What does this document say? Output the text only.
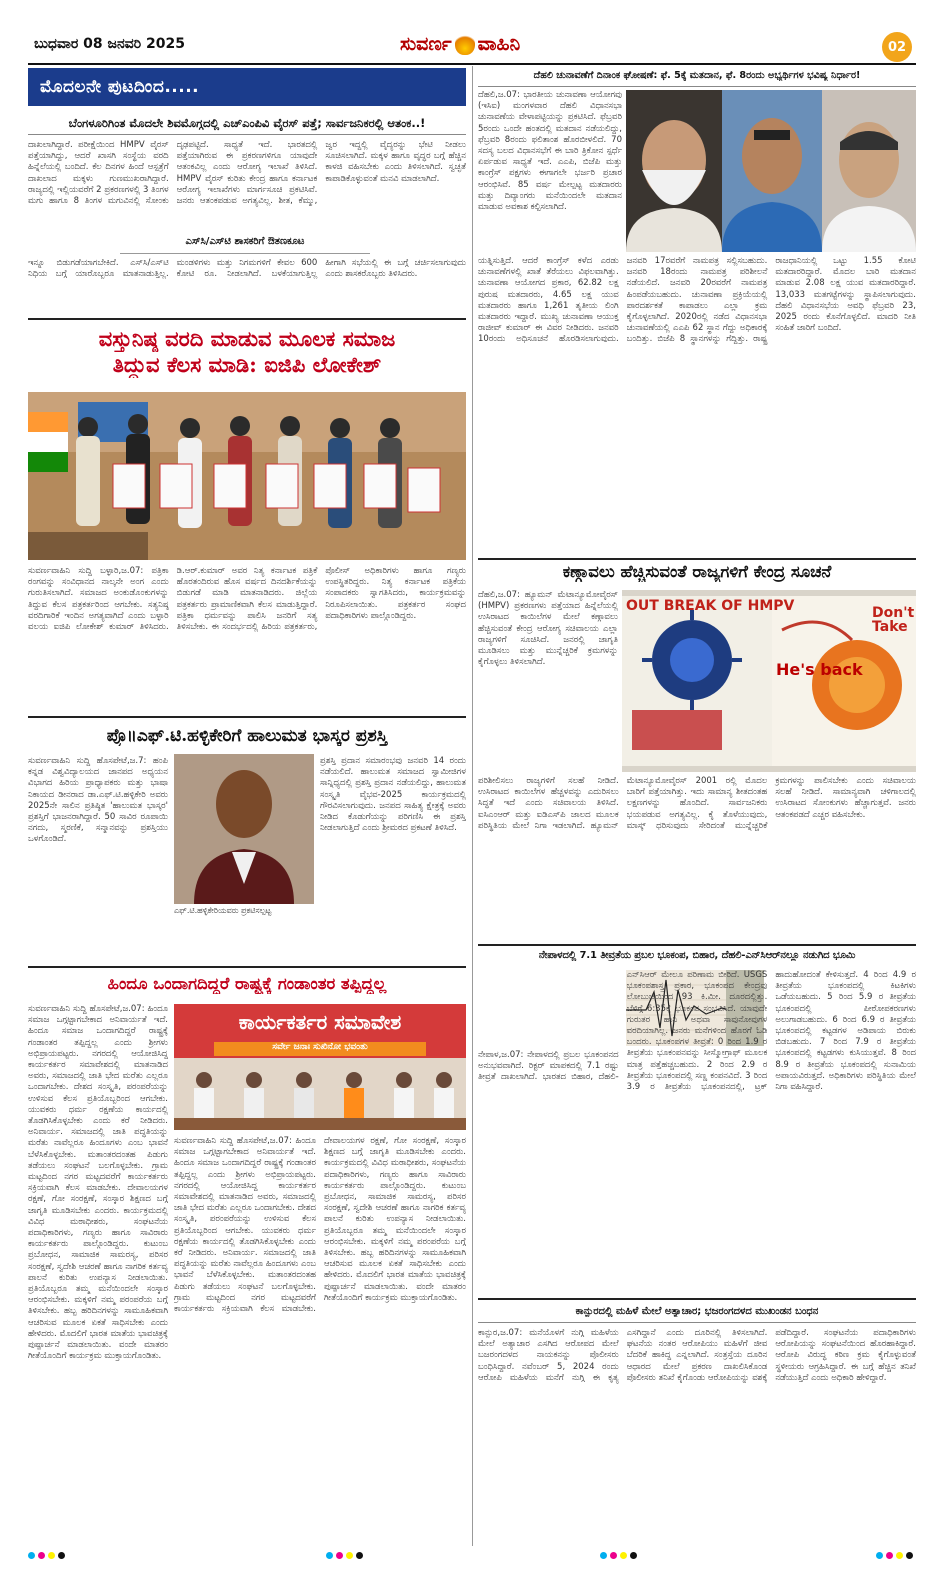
ಬುಧವಾರ 08 ಜನವರಿ 2025	ಸುವರ್ಣ ವಾಹಿನಿ	02
ಮೊದಲನೇ ಪುಟದಿಂದ.....
ಬೆಂಗಳೂರಿಗಿಂತ ಮೊದಲೇ ಶಿವಮೊಗ್ಗದಲ್ಲಿ ಎಚ್‌ಎಂಪಿವಿ ವೈರಸ್ ಪತ್ತೆ; ಸಾರ್ವಜನಿಕರಲ್ಲಿ ಆತಂಕ..!

ದಾಖಲಾಗಿದ್ದಾರೆ. ಪರೀಕ್ಷೆಯಿಂದ HMPV ವೈರಸ್ ಪತ್ತೆಯಾಗಿದ್ದು, ಆದರೆ ಖಾಸಗಿ ಸಂಸ್ಥೆಯ ವರದಿ ಹಿನ್ನೆಲೆಯಲ್ಲಿ ಬಂದಿದೆ. ಕೆಲ ದಿನಗಳ ಹಿಂದೆ ಆಸ್ಪತ್ರೆಗೆ ದಾಖಲಾದ ಮಕ್ಕಳು ಗುಣಮುಖರಾಗಿದ್ದಾರೆ. ರಾಜ್ಯದಲ್ಲಿ ಇಲ್ಲಿಯವರೆಗೆ 2 ಪ್ರಕರಣಗಳಲ್ಲಿ 3 ತಿಂಗಳ ಮಗು ಹಾಗೂ 8 ತಿಂಗಳ ಮಗುವಿನಲ್ಲಿ ಸೋಂಕು ದೃಢಪಟ್ಟಿದೆ. ಸಾಧ್ಯತೆ ಇದೆ. ಭಾರತದಲ್ಲಿ ಪತ್ತೆಯಾಗಿರುವ ಈ ಪ್ರಕರಣಗಳಿಗೂ ಯಾವುದೇ ಆತಂಕವಿಲ್ಲ ಎಂದು ಆರೋಗ್ಯ ಇಲಾಖೆ ತಿಳಿಸಿದೆ. HMPV ವೈರಸ್ ಕುರಿತು ಕೇಂದ್ರ ಹಾಗೂ ಕರ್ನಾಟಕ ಆರೋಗ್ಯ ಇಲಾಖೆಗಳು ಮಾರ್ಗಸೂಚಿ ಪ್ರಕಟಿಸಿವೆ. ಜನರು ಆತಂಕಪಡುವ ಅಗತ್ಯವಿಲ್ಲ. ಶೀತ, ಕೆಮ್ಮು, ಜ್ವರ ಇದ್ದಲ್ಲಿ ವೈದ್ಯರನ್ನು ಭೇಟಿ ನೀಡಲು ಸೂಚಿಸಲಾಗಿದೆ. ಮಕ್ಕಳ ಹಾಗೂ ವೃದ್ಧರ ಬಗ್ಗೆ ಹೆಚ್ಚಿನ ಕಾಳಜಿ ವಹಿಸಬೇಕು ಎಂದು ತಿಳಿಸಲಾಗಿದೆ. ಸ್ವಚ್ಛತೆ ಕಾಪಾಡಿಕೊಳ್ಳುವಂತೆ ಮನವಿ ಮಾಡಲಾಗಿದೆ.

ಎಸ್‌ಸಿ/ಎಸ್‌ಟಿ ಶಾಸಕರಿಗೆ ಔತಣಕೂಟ

ಇನ್ನೂ ಬಿಡುಗಡೆಯಾಗಬೇಕಿದೆ. ಎಸ್‌ಸಿ/ಎಸ್‌ಟಿ ನಿಧಿಯ ಬಗ್ಗೆ ಯಾರೊಬ್ಬರೂ ಮಾತನಾಡುತ್ತಿಲ್ಲ. ಮಂಡಳಿಗಳು ಮತ್ತು ನಿಗಮಗಳಿಗೆ ಕೇವಲ 600 ಕೋಟಿ ರೂ. ನೀಡಲಾಗಿದೆ. ಬಳಕೆಯಾಗುತ್ತಿಲ್ಲ ಹೀಗಾಗಿ ಸಭೆಯಲ್ಲಿ ಈ ಬಗ್ಗೆ ಚರ್ಚಿಸಲಾಗುವುದು ಎಂದು ಶಾಸಕರೊಬ್ಬರು ತಿಳಿಸಿದರು.

ವಸ್ತುನಿಷ್ಠ ವರದಿ ಮಾಡುವ ಮೂಲಕ ಸಮಾಜ
ತಿದ್ದುವ ಕೆಲಸ ಮಾಡಿ: ಐಜಿಪಿ ಲೋಕೇಶ್

ಸುವರ್ಣವಾಹಿನಿ ಸುದ್ದಿ ಬಳ್ಳಾರಿ,ಜ.07: ಪತ್ರಿಕಾ ರಂಗವನ್ನು ಸಂವಿಧಾನದ ನಾಲ್ಕನೇ ಅಂಗ ಎಂದು ಗುರುತಿಸಲಾಗಿದೆ. ಸಮಾಜದ ಅಂಕುಡೊಂಕುಗಳನ್ನು ತಿದ್ದುವ ಕೆಲಸ ಪತ್ರಕರ್ತರಿಂದ ಆಗಬೇಕು. ಸತ್ಯನಿಷ್ಠ ವರದಿಗಾರಿಕೆ ಇಂದಿನ ಅಗತ್ಯವಾಗಿದೆ ಎಂದು ಬಳ್ಳಾರಿ ವಲಯ ಐಜಿಪಿ ಲೋಕೇಶ್ ಕುಮಾರ್ ತಿಳಿಸಿದರು. ಡಿ.ಆರ್.ಕುಮಾರ್ ಅವರ ನಿತ್ಯ ಕರ್ನಾಟಕ ಪತ್ರಿಕೆ ಹೊರತಂದಿರುವ ಹೊಸ ವರ್ಷದ ದಿನದರ್ಶಿಕೆಯನ್ನು ಬಿಡುಗಡೆ ಮಾಡಿ ಮಾತನಾಡಿದರು. ಜಿಲ್ಲೆಯ ಪತ್ರಕರ್ತರು ಪ್ರಾಮಾಣಿಕವಾಗಿ ಕೆಲಸ ಮಾಡುತ್ತಿದ್ದಾರೆ. ಪತ್ರಿಕಾ ಧರ್ಮವನ್ನು ಪಾಲಿಸಿ ಜನರಿಗೆ ಸತ್ಯ ತಿಳಿಸಬೇಕು. ಈ ಸಂದರ್ಭದಲ್ಲಿ ಹಿರಿಯ ಪತ್ರಕರ್ತರು, ಪೊಲೀಸ್ ಅಧಿಕಾರಿಗಳು ಹಾಗೂ ಗಣ್ಯರು ಉಪಸ್ಥಿತರಿದ್ದರು. ನಿತ್ಯ ಕರ್ನಾಟಕ ಪತ್ರಿಕೆಯ ಸಂಪಾದಕರು ಸ್ವಾಗತಿಸಿದರು, ಕಾರ್ಯಕ್ರಮವನ್ನು ನಿರೂಪಿಸಲಾಯಿತು. ಪತ್ರಕರ್ತರ ಸಂಘದ ಪದಾಧಿಕಾರಿಗಳು ಪಾಲ್ಗೊಂಡಿದ್ದರು.

ಪ್ರೊ॥ಎಫ್.ಟಿ.ಹಳ್ಳಿಕೇರಿಗೆ ಹಾಲುಮತ ಭಾಸ್ಕರ ಪ್ರಶಸ್ತಿ

ಸುವರ್ಣವಾಹಿನಿ ಸುದ್ದಿ ಹೊಸಪೇಟೆ,ಜ.7: ಹಂಪಿ ಕನ್ನಡ ವಿಶ್ವವಿದ್ಯಾಲಯದ ಜಾನಪದ ಅಧ್ಯಯನ ವಿಭಾಗದ ಹಿರಿಯ ಪ್ರಾಧ್ಯಾಪಕರು ಮತ್ತು ಭಾಷಾ ನಿಕಾಯದ ಡೀನರಾದ ಡಾ.ಎಫ್.ಟಿ.ಹಳ್ಳಿಕೇರಿ ಅವರು 2025ನೇ ಸಾಲಿನ ಪ್ರತಿಷ್ಠಿತ 'ಹಾಲುಮತ ಭಾಸ್ಕರ' ಪ್ರಶಸ್ತಿಗೆ ಭಾಜನರಾಗಿದ್ದಾರೆ. 50 ಸಾವಿರ ರೂಪಾಯಿ ನಗದು, ಸ್ಮರಣಿಕೆ, ಸನ್ಮಾನವನ್ನು ಪ್ರಶಸ್ತಿಯು ಒಳಗೊಂಡಿದೆ.

ಎಫ್.ಟಿ.ಹಳ್ಳಿಕೇರಿಯವರು ಪ್ರಕಟಿಸಲ್ಪಟ್ಟ

ಪ್ರಶಸ್ತಿ ಪ್ರದಾನ ಸಮಾರಂಭವು ಜನವರಿ 14 ರಂದು ನಡೆಯಲಿದೆ. ಹಾಲುಮತ ಸಮಾಜದ ಸ್ವಾಮೀಜಿಗಳ ಸಾನ್ನಿಧ್ಯದಲ್ಲಿ ಪ್ರಶಸ್ತಿ ಪ್ರದಾನ ನಡೆಯಲಿದ್ದು, ಹಾಲುಮತ ಸಂಸ್ಕೃತಿ ವೈಭವ-2025 ಕಾರ್ಯಕ್ರಮದಲ್ಲಿ ಗೌರವಿಸಲಾಗುವುದು. ಜನಪದ ಸಾಹಿತ್ಯ ಕ್ಷೇತ್ರಕ್ಕೆ ಅವರು ನೀಡಿದ ಕೊಡುಗೆಯನ್ನು ಪರಿಗಣಿಸಿ ಈ ಪ್ರಶಸ್ತಿ ನೀಡಲಾಗುತ್ತಿದೆ ಎಂದು ಶ್ರೀಮಠದ ಪ್ರಕಟಣೆ ತಿಳಿಸಿದೆ.

ಹಿಂದೂ ಒಂದಾಗದಿದ್ದರೆ ರಾಷ್ಟ್ರಕ್ಕೆ ಗಂಡಾಂತರ ತಪ್ಪಿದ್ದಲ್ಲ

ಸುವರ್ಣವಾಹಿನಿ ಸುದ್ದಿ ಹೊಸಪೇಟೆ,ಜ.07: ಹಿಂದೂ ಸಮಾಜ ಒಗ್ಗಟ್ಟಾಗಬೇಕಾದ ಅನಿವಾರ್ಯತೆ ಇದೆ. ಹಿಂದೂ ಸಮಾಜ ಒಂದಾಗದಿದ್ದರೆ ರಾಷ್ಟ್ರಕ್ಕೆ ಗಂಡಾಂತರ ತಪ್ಪಿದ್ದಲ್ಲ ಎಂದು ಶ್ರೀಗಳು ಅಭಿಪ್ರಾಯಪಟ್ಟರು. ನಗರದಲ್ಲಿ ಆಯೋಜಿಸಿದ್ದ ಕಾರ್ಯಕರ್ತರ ಸಮಾವೇಶದಲ್ಲಿ ಮಾತನಾಡಿದ ಅವರು, ಸಮಾಜದಲ್ಲಿ ಜಾತಿ ಭೇದ ಮರೆತು ಎಲ್ಲರೂ ಒಂದಾಗಬೇಕು. ದೇಶದ ಸಂಸ್ಕೃತಿ, ಪರಂಪರೆಯನ್ನು ಉಳಿಸುವ ಕೆಲಸ ಪ್ರತಿಯೊಬ್ಬರಿಂದ ಆಗಬೇಕು. ಯುವಕರು ಧರ್ಮ ರಕ್ಷಣೆಯ ಕಾರ್ಯದಲ್ಲಿ ತೊಡಗಿಸಿಕೊಳ್ಳಬೇಕು ಎಂದು ಕರೆ ನೀಡಿದರು. ಅನಿವಾರ್ಯ. ಸಮಾಜದಲ್ಲಿ ಜಾತಿ ಪದ್ಧತಿಯನ್ನು ಮರೆತು ನಾವೆಲ್ಲರೂ ಹಿಂದೂಗಳು ಎಂಬ ಭಾವನೆ ಬೆಳೆಸಿಕೊಳ್ಳಬೇಕು. ಮತಾಂತರದಂತಹ ಪಿಡುಗು ತಡೆಯಲು ಸಂಘಟನೆ ಬಲಗೊಳ್ಳಬೇಕು. ಗ್ರಾಮ ಮಟ್ಟದಿಂದ ನಗರ ಮಟ್ಟದವರೆಗೆ ಕಾರ್ಯಕರ್ತರು ಸಕ್ರಿಯವಾಗಿ ಕೆಲಸ ಮಾಡಬೇಕು. ದೇವಾಲಯಗಳ ರಕ್ಷಣೆ, ಗೋ ಸಂರಕ್ಷಣೆ, ಸಂಸ್ಕಾರ ಶಿಕ್ಷಣದ ಬಗ್ಗೆ ಜಾಗೃತಿ ಮೂಡಿಸಬೇಕು ಎಂದರು. ಕಾರ್ಯಕ್ರಮದಲ್ಲಿ ವಿವಿಧ ಮಠಾಧೀಶರು, ಸಂಘಟನೆಯ ಪದಾಧಿಕಾರಿಗಳು, ಗಣ್ಯರು ಹಾಗೂ ಸಾವಿರಾರು ಕಾರ್ಯಕರ್ತರು ಪಾಲ್ಗೊಂಡಿದ್ದರು. ಕುಟುಂಬ ಪ್ರಬೋಧನ, ಸಾಮಾಜಿಕ ಸಾಮರಸ್ಯ, ಪರಿಸರ ಸಂರಕ್ಷಣೆ, ಸ್ವದೇಶಿ ಆಚರಣೆ ಹಾಗೂ ನಾಗರಿಕ ಕರ್ತವ್ಯ ಪಾಲನೆ ಕುರಿತು ಉಪನ್ಯಾಸ ನೀಡಲಾಯಿತು. ಪ್ರತಿಯೊಬ್ಬರೂ ತಮ್ಮ ಮನೆಯಿಂದಲೇ ಸಂಸ್ಕಾರ ಆರಂಭಿಸಬೇಕು. ಮಕ್ಕಳಿಗೆ ನಮ್ಮ ಪರಂಪರೆಯ ಬಗ್ಗೆ ತಿಳಿಸಬೇಕು. ಹಬ್ಬ ಹರಿದಿನಗಳನ್ನು ಸಾಮೂಹಿಕವಾಗಿ ಆಚರಿಸುವ ಮೂಲಕ ಏಕತೆ ಸಾಧಿಸಬೇಕು ಎಂದು ಹೇಳಿದರು. ಮೊದಲಿಗೆ ಭಾರತ ಮಾತೆಯ ಭಾವಚಿತ್ರಕ್ಕೆ ಪುಷ್ಪಾರ್ಚನೆ ಮಾಡಲಾಯಿತು. ವಂದೇ ಮಾತರಂ ಗೀತೆಯೊಂದಿಗೆ ಕಾರ್ಯಕ್ರಮ ಮುಕ್ತಾಯಗೊಂಡಿತು.

ಕಾರ್ಯಕರ್ತರ ಸಮಾವೇಶ
ಸರ್ವೇ ಜನಾಃ ಸುಖಿನೋ ಭವಂತು

ಸುವರ್ಣವಾಹಿನಿ ಸುದ್ದಿ ಹೊಸಪೇಟೆ,ಜ.07: ಹಿಂದೂ ಸಮಾಜ ಒಗ್ಗಟ್ಟಾಗಬೇಕಾದ ಅನಿವಾರ್ಯತೆ ಇದೆ. ಹಿಂದೂ ಸಮಾಜ ಒಂದಾಗದಿದ್ದರೆ ರಾಷ್ಟ್ರಕ್ಕೆ ಗಂಡಾಂತರ ತಪ್ಪಿದ್ದಲ್ಲ ಎಂದು ಶ್ರೀಗಳು ಅಭಿಪ್ರಾಯಪಟ್ಟರು. ನಗರದಲ್ಲಿ ಆಯೋಜಿಸಿದ್ದ ಕಾರ್ಯಕರ್ತರ ಸಮಾವೇಶದಲ್ಲಿ ಮಾತನಾಡಿದ ಅವರು, ಸಮಾಜದಲ್ಲಿ ಜಾತಿ ಭೇದ ಮರೆತು ಎಲ್ಲರೂ ಒಂದಾಗಬೇಕು. ದೇಶದ ಸಂಸ್ಕೃತಿ, ಪರಂಪರೆಯನ್ನು ಉಳಿಸುವ ಕೆಲಸ ಪ್ರತಿಯೊಬ್ಬರಿಂದ ಆಗಬೇಕು. ಯುವಕರು ಧರ್ಮ ರಕ್ಷಣೆಯ ಕಾರ್ಯದಲ್ಲಿ ತೊಡಗಿಸಿಕೊಳ್ಳಬೇಕು ಎಂದು ಕರೆ ನೀಡಿದರು. ಅನಿವಾರ್ಯ. ಸಮಾಜದಲ್ಲಿ ಜಾತಿ ಪದ್ಧತಿಯನ್ನು ಮರೆತು ನಾವೆಲ್ಲರೂ ಹಿಂದೂಗಳು ಎಂಬ ಭಾವನೆ ಬೆಳೆಸಿಕೊಳ್ಳಬೇಕು. ಮತಾಂತರದಂತಹ ಪಿಡುಗು ತಡೆಯಲು ಸಂಘಟನೆ ಬಲಗೊಳ್ಳಬೇಕು. ಗ್ರಾಮ ಮಟ್ಟದಿಂದ ನಗರ ಮಟ್ಟದವರೆಗೆ ಕಾರ್ಯಕರ್ತರು ಸಕ್ರಿಯವಾಗಿ ಕೆಲಸ ಮಾಡಬೇಕು. ದೇವಾಲಯಗಳ ರಕ್ಷಣೆ, ಗೋ ಸಂರಕ್ಷಣೆ, ಸಂಸ್ಕಾರ ಶಿಕ್ಷಣದ ಬಗ್ಗೆ ಜಾಗೃತಿ ಮೂಡಿಸಬೇಕು ಎಂದರು. ಕಾರ್ಯಕ್ರಮದಲ್ಲಿ ವಿವಿಧ ಮಠಾಧೀಶರು, ಸಂಘಟನೆಯ ಪದಾಧಿಕಾರಿಗಳು, ಗಣ್ಯರು ಹಾಗೂ ಸಾವಿರಾರು ಕಾರ್ಯಕರ್ತರು ಪಾಲ್ಗೊಂಡಿದ್ದರು. ಕುಟುಂಬ ಪ್ರಬೋಧನ, ಸಾಮಾಜಿಕ ಸಾಮರಸ್ಯ, ಪರಿಸರ ಸಂರಕ್ಷಣೆ, ಸ್ವದೇಶಿ ಆಚರಣೆ ಹಾಗೂ ನಾಗರಿಕ ಕರ್ತವ್ಯ ಪಾಲನೆ ಕುರಿತು ಉಪನ್ಯಾಸ ನೀಡಲಾಯಿತು. ಪ್ರತಿಯೊಬ್ಬರೂ ತಮ್ಮ ಮನೆಯಿಂದಲೇ ಸಂಸ್ಕಾರ ಆರಂಭಿಸಬೇಕು. ಮಕ್ಕಳಿಗೆ ನಮ್ಮ ಪರಂಪರೆಯ ಬಗ್ಗೆ ತಿಳಿಸಬೇಕು. ಹಬ್ಬ ಹರಿದಿನಗಳನ್ನು ಸಾಮೂಹಿಕವಾಗಿ ಆಚರಿಸುವ ಮೂಲಕ ಏಕತೆ ಸಾಧಿಸಬೇಕು ಎಂದು ಹೇಳಿದರು. ಮೊದಲಿಗೆ ಭಾರತ ಮಾತೆಯ ಭಾವಚಿತ್ರಕ್ಕೆ ಪುಷ್ಪಾರ್ಚನೆ ಮಾಡಲಾಯಿತು. ವಂದೇ ಮಾತರಂ ಗೀತೆಯೊಂದಿಗೆ ಕಾರ್ಯಕ್ರಮ ಮುಕ್ತಾಯಗೊಂಡಿತು.

ದೆಹಲಿ ಚುನಾವಣೆಗೆ ದಿನಾಂಕ ಘೋಷಣೆ: ಫೆ. 5ಕ್ಕೆ ಮತದಾನ, ಫೆ. 8ರಂದು ಅಭ್ಯರ್ಥಿಗಳ ಭವಿಷ್ಯ ನಿರ್ಧಾರ!

ದೆಹಲಿ,ಜ.07: ಭಾರತೀಯ ಚುನಾವಣಾ ಆಯೋಗವು (ಇಸಿಐ) ಮಂಗಳವಾರ ದೆಹಲಿ ವಿಧಾನಸಭಾ ಚುನಾವಣೆಯ ವೇಳಾಪಟ್ಟಿಯನ್ನು ಪ್ರಕಟಿಸಿದೆ. ಫೆಬ್ರವರಿ 5ರಂದು ಒಂದೇ ಹಂತದಲ್ಲಿ ಮತದಾನ ನಡೆಯಲಿದ್ದು, ಫೆಬ್ರವರಿ 8ರಂದು ಫಲಿತಾಂಶ ಹೊರಬೀಳಲಿದೆ. 70 ಸದಸ್ಯ ಬಲದ ವಿಧಾನಸಭೆಗೆ ಈ ಬಾರಿ ತ್ರಿಕೋನ ಸ್ಪರ್ಧೆ ಏರ್ಪಡುವ ಸಾಧ್ಯತೆ ಇದೆ. ಎಎಪಿ, ಬಿಜೆಪಿ ಮತ್ತು ಕಾಂಗ್ರೆಸ್ ಪಕ್ಷಗಳು ಈಗಾಗಲೇ ಭರ್ಜರಿ ಪ್ರಚಾರ ಆರಂಭಿಸಿವೆ. 85 ವರ್ಷ ಮೇಲ್ಪಟ್ಟ ಮತದಾರರು ಮತ್ತು ದಿವ್ಯಾಂಗರು ಮನೆಯಿಂದಲೇ ಮತದಾನ ಮಾಡುವ ಅವಕಾಶ ಕಲ್ಪಿಸಲಾಗಿದೆ.

ಯತ್ನಿಸುತ್ತಿದೆ. ಆದರೆ ಕಾಂಗ್ರೆಸ್ ಕಳೆದ ಎರಡು ಚುನಾವಣೆಗಳಲ್ಲಿ ಖಾತೆ ತೆರೆಯಲು ವಿಫಲವಾಗಿತ್ತು. ಚುನಾವಣಾ ಆಯೋಗದ ಪ್ರಕಾರ, 62.82 ಲಕ್ಷ ಪುರುಷ ಮತದಾರರು, 4.65 ಲಕ್ಷ ಯುವ ಮತದಾರರು ಹಾಗೂ 1,261 ತೃತೀಯ ಲಿಂಗಿ ಮತದಾರರು ಇದ್ದಾರೆ. ಮುಖ್ಯ ಚುನಾವಣಾ ಆಯುಕ್ತ ರಾಜೀವ್ ಕುಮಾರ್ ಈ ವಿವರ ನೀಡಿದರು. ಜನವರಿ 10ರಂದು ಅಧಿಸೂಚನೆ ಹೊರಡಿಸಲಾಗುವುದು. ಜನವರಿ 17ರವರೆಗೆ ನಾಮಪತ್ರ ಸಲ್ಲಿಸಬಹುದು. ಜನವರಿ 18ರಂದು ನಾಮಪತ್ರ ಪರಿಶೀಲನೆ ನಡೆಯಲಿದೆ. ಜನವರಿ 20ರವರೆಗೆ ನಾಮಪತ್ರ ಹಿಂಪಡೆಯಬಹುದು. ಚುನಾವಣಾ ಪ್ರಕ್ರಿಯೆಯಲ್ಲಿ ಪಾರದರ್ಶಕತೆ ಕಾಪಾಡಲು ಎಲ್ಲಾ ಕ್ರಮ ಕೈಗೊಳ್ಳಲಾಗಿದೆ. 2020ರಲ್ಲಿ ನಡೆದ ವಿಧಾನಸಭಾ ಚುನಾವಣೆಯಲ್ಲಿ ಎಎಪಿ 62 ಸ್ಥಾನ ಗೆದ್ದು ಅಧಿಕಾರಕ್ಕೆ ಬಂದಿತ್ತು. ಬಿಜೆಪಿ 8 ಸ್ಥಾನಗಳನ್ನು ಗೆದ್ದಿತ್ತು. ರಾಷ್ಟ್ರ ರಾಜಧಾನಿಯಲ್ಲಿ ಒಟ್ಟು 1.55 ಕೋಟಿ ಮತದಾರರಿದ್ದಾರೆ. ಮೊದಲ ಬಾರಿ ಮತದಾನ ಮಾಡುವ 2.08 ಲಕ್ಷ ಯುವ ಮತದಾರರಿದ್ದಾರೆ. 13,033 ಮತಗಟ್ಟೆಗಳನ್ನು ಸ್ಥಾಪಿಸಲಾಗುವುದು. ದೆಹಲಿ ವಿಧಾನಸಭೆಯ ಅವಧಿ ಫೆಬ್ರವರಿ 23, 2025 ರಂದು ಕೊನೆಗೊಳ್ಳಲಿದೆ. ಮಾದರಿ ನೀತಿ ಸಂಹಿತೆ ಜಾರಿಗೆ ಬಂದಿದೆ.

ಕಣ್ಗಾವಲು ಹೆಚ್ಚಿಸುವಂತೆ ರಾಜ್ಯಗಳಿಗೆ ಕೇಂದ್ರ ಸೂಚನೆ

ದೆಹಲಿ,ಜ.07: ಹ್ಯೂಮನ್ ಮೆಟಾನ್ಯೂಮೋವೈರಸ್ (HMPV) ಪ್ರಕರಣಗಳು ಪತ್ತೆಯಾದ ಹಿನ್ನೆಲೆಯಲ್ಲಿ ಉಸಿರಾಟದ ಕಾಯಿಲೆಗಳ ಮೇಲೆ ಕಣ್ಗಾವಲು ಹೆಚ್ಚಿಸುವಂತೆ ಕೇಂದ್ರ ಆರೋಗ್ಯ ಸಚಿವಾಲಯ ಎಲ್ಲಾ ರಾಜ್ಯಗಳಿಗೆ ಸೂಚಿಸಿದೆ. ಜನರಲ್ಲಿ ಜಾಗೃತಿ ಮೂಡಿಸಲು ಮತ್ತು ಮುನ್ನೆಚ್ಚರಿಕೆ ಕ್ರಮಗಳನ್ನು ಕೈಗೊಳ್ಳಲು ತಿಳಿಸಲಾಗಿದೆ.

OUT BREAK OF HMPV	Don't Take
He's back

ಪರಿಶೀಲಿಸಲು ರಾಜ್ಯಗಳಿಗೆ ಸಲಹೆ ನೀಡಿದೆ. ಉಸಿರಾಟದ ಕಾಯಿಲೆಗಳ ಹೆಚ್ಚಳವನ್ನು ಎದುರಿಸಲು ಸಿದ್ಧತೆ ಇದೆ ಎಂದು ಸಚಿವಾಲಯ ತಿಳಿಸಿದೆ. ಐಸಿಎಂಆರ್ ಮತ್ತು ಐಡಿಎಸ್‌ಪಿ ಜಾಲದ ಮೂಲಕ ಪರಿಸ್ಥಿತಿಯ ಮೇಲೆ ನಿಗಾ ಇಡಲಾಗಿದೆ. ಹ್ಯೂಮನ್ ಮೆಟಾನ್ಯೂಮೋವೈರಸ್ 2001 ರಲ್ಲಿ ಮೊದಲ ಬಾರಿಗೆ ಪತ್ತೆಯಾಗಿತ್ತು. ಇದು ಸಾಮಾನ್ಯ ಶೀತದಂತಹ ಲಕ್ಷಣಗಳನ್ನು ಹೊಂದಿದೆ. ಸಾರ್ವಜನಿಕರು ಭಯಪಡುವ ಅಗತ್ಯವಿಲ್ಲ. ಕೈ ತೊಳೆಯುವುದು, ಮಾಸ್ಕ್ ಧರಿಸುವುದು ಸೇರಿದಂತೆ ಮುನ್ನೆಚ್ಚರಿಕೆ ಕ್ರಮಗಳನ್ನು ಪಾಲಿಸಬೇಕು ಎಂದು ಸಚಿವಾಲಯ ಸಲಹೆ ನೀಡಿದೆ. ಸಾಮಾನ್ಯವಾಗಿ ಚಳಿಗಾಲದಲ್ಲಿ ಉಸಿರಾಟದ ಸೋಂಕುಗಳು ಹೆಚ್ಚಾಗುತ್ತವೆ. ಜನರು ಆತಂಕಪಡದೆ ಎಚ್ಚರ ವಹಿಸಬೇಕು.

ನೇಪಾಳದಲ್ಲಿ 7.1 ತೀವ್ರತೆಯ ಪ್ರಬಲ ಭೂಕಂಪ, ಬಿಹಾರ, ದೆಹಲಿ-ಎನ್‌ಸಿಆರ್‌ನಲ್ಲೂ ನಡುಗಿದ ಭೂಮಿ

ನೇಪಾಳ,ಜ.07: ನೇಪಾಳದಲ್ಲಿ ಪ್ರಬಲ ಭೂಕಂಪನದ ಅನುಭವವಾಗಿದೆ. ರಿಕ್ಟರ್ ಮಾಪಕದಲ್ಲಿ 7.1 ರಷ್ಟು ತೀವ್ರತೆ ದಾಖಲಾಗಿದೆ. ಭಾರತದ ಬಿಹಾರ, ದೆಹಲಿ-ಎನ್‌ಸಿಆರ್ ಮೇಲೂ ಪರಿಣಾಮ ಬೀರಿದೆ. USGS ಭೂಕಂಪಶಾಸ್ತ್ರ ಪ್ರಕಾರ, ಭೂಕಂಪದ ಕೇಂದ್ರವು ಲೋಬುಚೆಯಿಂದ 93 ಕಿ.ಮೀ. ದೂರದಲ್ಲಿತ್ತು. ಬೆಳಿಗ್ಗೆ 6:35ಕ್ಕೆ ಭೂಕಂಪ ಸಂಭವಿಸಿದೆ. ಯಾವುದೇ ಗುರುತರ ಹಾನಿ ಅಥವಾ ಸಾವುನೋವುಗಳ ವರದಿಯಾಗಿಲ್ಲ. ಜನರು ಮನೆಗಳಿಂದ ಹೊರಗೆ ಓಡಿ ಬಂದರು. ಭೂಕಂಪಗಳ ತೀವ್ರತೆ: 0 ರಿಂದ 1.9 ರ ತೀವ್ರತೆಯ ಭೂಕಂಪನವನ್ನು ಸೀಸ್ಮೋಗ್ರಾಫ್ ಮೂಲಕ ಮಾತ್ರ ಪತ್ತೆಹಚ್ಚಬಹುದು. 2 ರಿಂದ 2.9 ರ ತೀವ್ರತೆಯ ಭೂಕಂಪದಲ್ಲಿ ಸಣ್ಣ ಕಂಪನವಿದೆ. 3 ರಿಂದ 3.9 ರ ತೀವ್ರತೆಯ ಭೂಕಂಪನದಲ್ಲಿ, ಟ್ರಕ್ ಹಾದುಹೋದಂತೆ ಕೇಳಿಸುತ್ತದೆ. 4 ರಿಂದ 4.9 ರ ತೀವ್ರತೆಯ ಭೂಕಂಪದಲ್ಲಿ ಕಿಟಕಿಗಳು ಒಡೆಯಬಹುದು. 5 ರಿಂದ 5.9 ರ ತೀವ್ರತೆಯ ಭೂಕಂಪದಲ್ಲಿ ಪೀಠೋಪಕರಣಗಳು ಅಲುಗಾಡಬಹುದು. 6 ರಿಂದ 6.9 ರ ತೀವ್ರತೆಯ ಭೂಕಂಪದಲ್ಲಿ ಕಟ್ಟಡಗಳ ಅಡಿಪಾಯ ಬಿರುಕು ಬಿಡಬಹುದು. 7 ರಿಂದ 7.9 ರ ತೀವ್ರತೆಯ ಭೂಕಂಪದಲ್ಲಿ ಕಟ್ಟಡಗಳು ಕುಸಿಯುತ್ತವೆ. 8 ರಿಂದ 8.9 ರ ತೀವ್ರತೆಯ ಭೂಕಂಪದಲ್ಲಿ ಸುನಾಮಿಯ ಅಪಾಯವಿರುತ್ತದೆ. ಅಧಿಕಾರಿಗಳು ಪರಿಸ್ಥಿತಿಯ ಮೇಲೆ ನಿಗಾ ವಹಿಸಿದ್ದಾರೆ.

ಕಾನ್ಪುರದಲ್ಲಿ ಮಹಿಳೆ ಮೇಲೆ ಅತ್ಯಾಚಾರ; ಭಜರಂಗದಳದ ಮುಖಂಡನ ಬಂಧನ

ಕಾನ್ಪುರ,ಜ.07: ಮನೆಯೊಳಗೆ ನುಗ್ಗಿ ಮಹಿಳೆಯ ಮೇಲೆ ಅತ್ಯಾಚಾರ ಎಸಗಿದ ಆರೋಪದ ಮೇಲೆ ಬಜರಂಗದಳದ ನಾಯಕನನ್ನು ಪೊಲೀಸರು ಬಂಧಿಸಿದ್ದಾರೆ. ನವೆಂಬರ್ 5, 2024 ರಂದು ಆರೋಪಿ ಮಹಿಳೆಯ ಮನೆಗೆ ನುಗ್ಗಿ ಈ ಕೃತ್ಯ ಎಸಗಿದ್ದಾನೆ ಎಂದು ದೂರಿನಲ್ಲಿ ತಿಳಿಸಲಾಗಿದೆ. ಘಟನೆಯ ನಂತರ ಆರೋಪಿಯು ಮಹಿಳೆಗೆ ಜೀವ ಬೆದರಿಕೆ ಹಾಕಿದ್ದ ಎನ್ನಲಾಗಿದೆ. ಸಂತ್ರಸ್ತೆಯ ದೂರಿನ ಆಧಾರದ ಮೇಲೆ ಪ್ರಕರಣ ದಾಖಲಿಸಿಕೊಂಡ ಪೊಲೀಸರು ತನಿಖೆ ಕೈಗೊಂಡು ಆರೋಪಿಯನ್ನು ವಶಕ್ಕೆ ಪಡೆದಿದ್ದಾರೆ. ಸಂಘಟನೆಯ ಪದಾಧಿಕಾರಿಗಳು ಆರೋಪಿಯನ್ನು ಸಂಘಟನೆಯಿಂದ ಹೊರಹಾಕಿದ್ದಾರೆ. ಆರೋಪಿ ವಿರುದ್ಧ ಕಠಿಣ ಕ್ರಮ ಕೈಗೊಳ್ಳುವಂತೆ ಸ್ಥಳೀಯರು ಆಗ್ರಹಿಸಿದ್ದಾರೆ. ಈ ಬಗ್ಗೆ ಹೆಚ್ಚಿನ ತನಿಖೆ ನಡೆಯುತ್ತಿದೆ ಎಂದು ಅಧಿಕಾರಿ ಹೇಳಿದ್ದಾರೆ.
